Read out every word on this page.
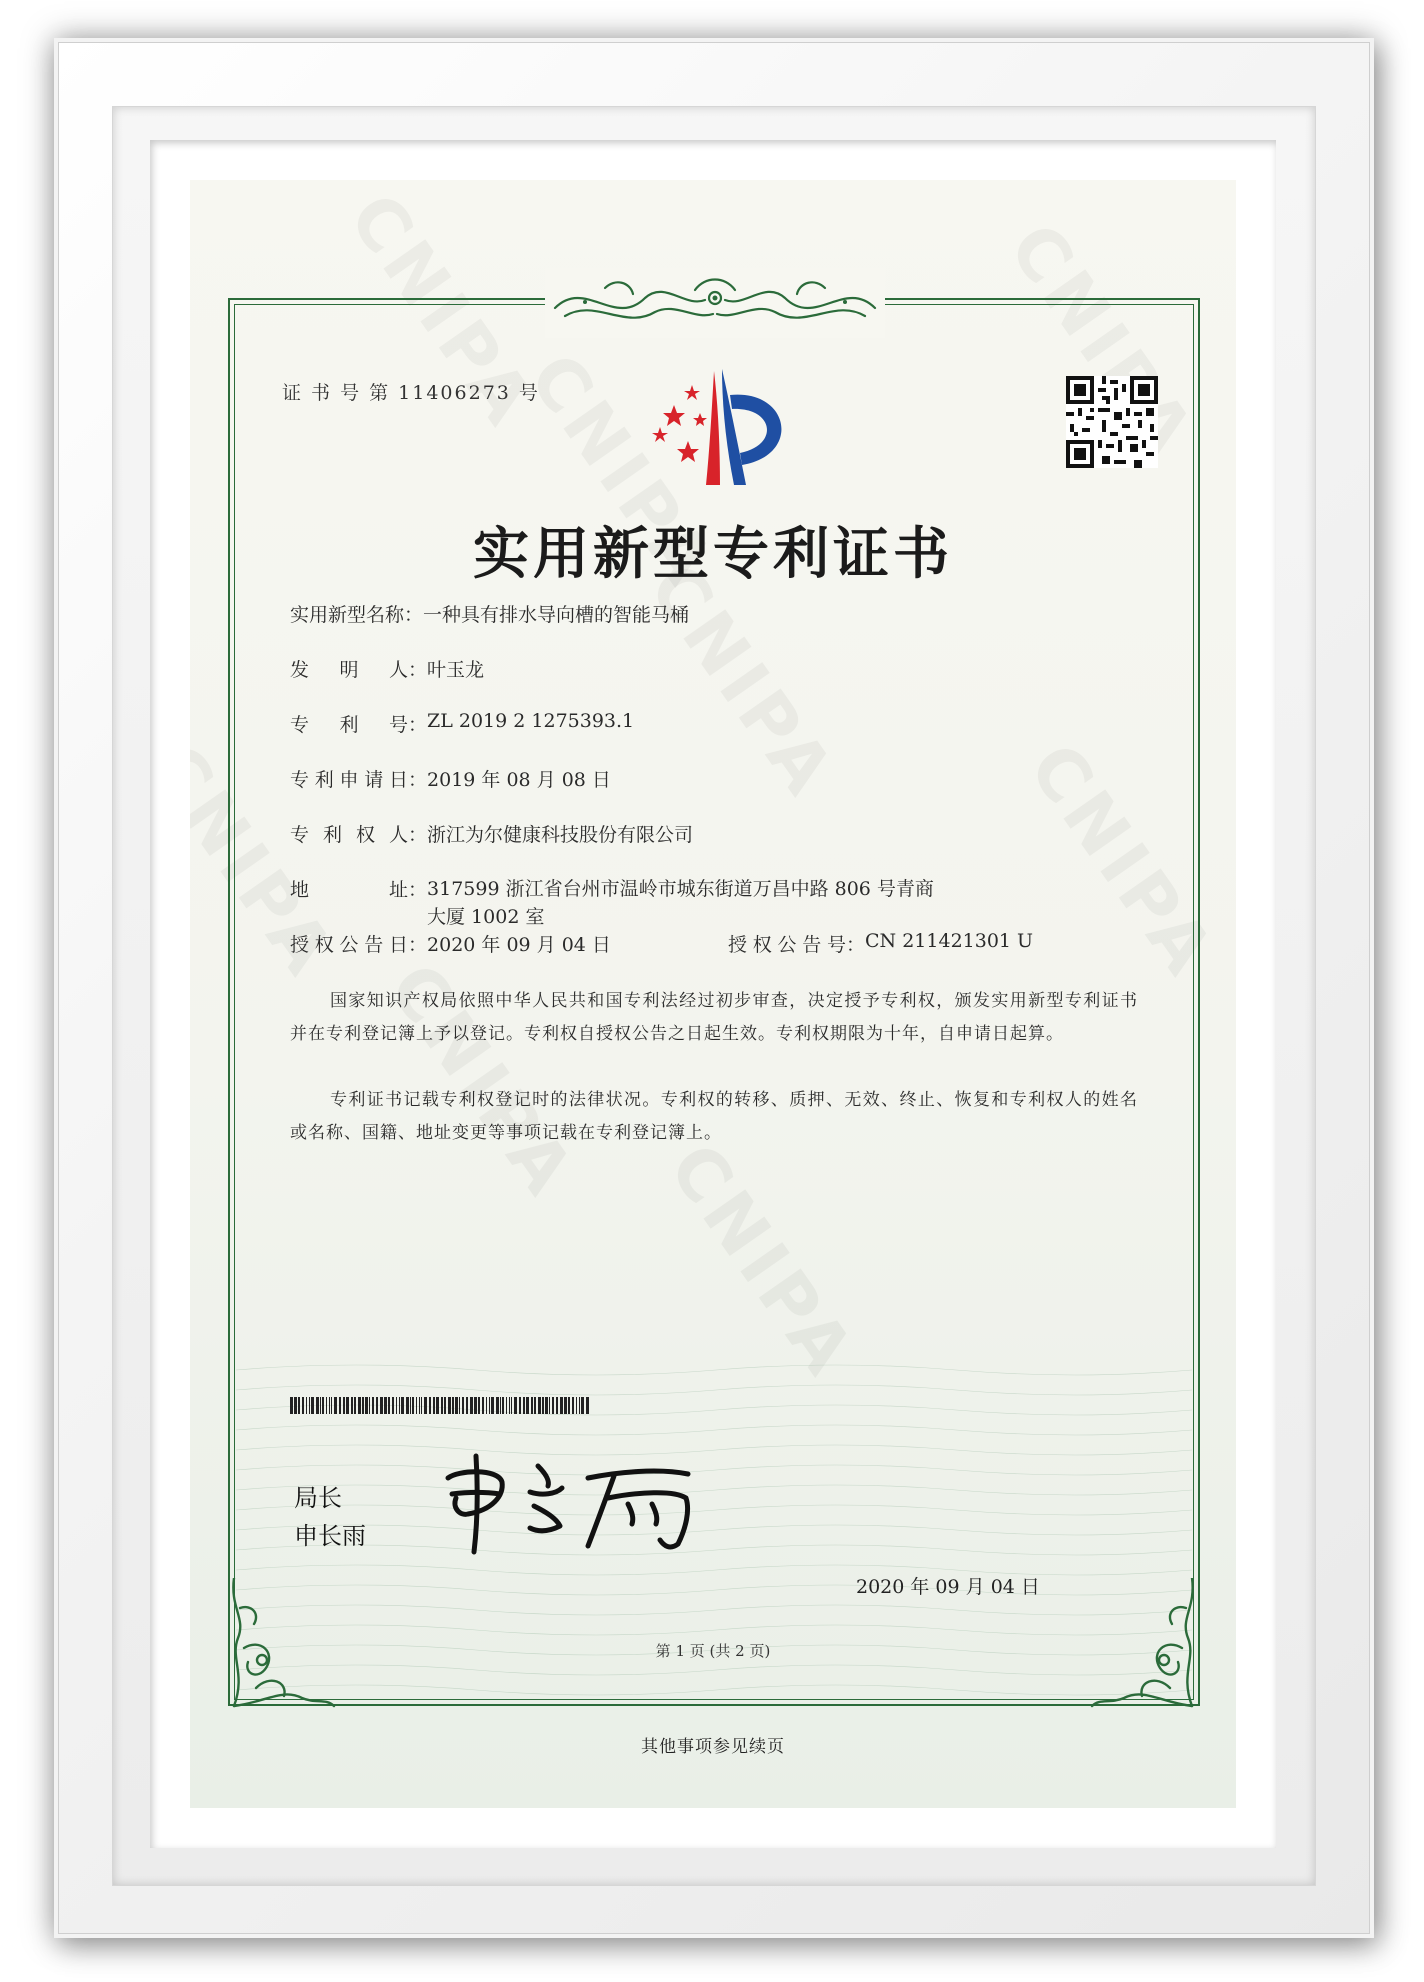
证 书 号 第 11406273 号
实用新型专利证书
实用新型名称：一种具有排水导向槽的智能马桶
发明人：叶玉龙
专利号：ZL 2019 2 1275393.1
专利申请日：2019 年 08 月 08 日
专利权人：浙江为尔健康科技股份有限公司
地址：317599 浙江省台州市温岭市城东街道万昌中路 806 号青商
大厦 1002 室
授权公告日：2020 年 09 月 04 日	授权公告号：CN 211421301 U
国家知识产权局依照中华人民共和国专利法经过初步审查，决定授予专利权，颁发实用新型专利证书并在专利登记簿上予以登记。专利权自授权公告之日起生效。专利权期限为十年，自申请日起算。
专利证书记载专利权登记时的法律状况。专利权的转移、质押、无效、终止、恢复和专利权人的姓名或名称、国籍、地址变更等事项记载在专利登记簿上。
局长
申长雨
2020 年 09 月 04 日
第 1 页 (共 2 页)
其他事项参见续页
